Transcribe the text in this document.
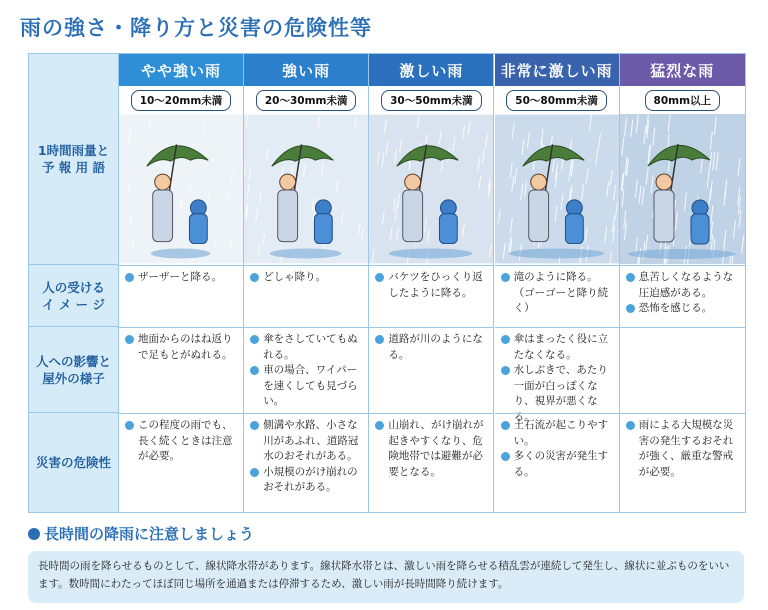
雨の強さ・降り方と災害の危険性等
1時間雨量と
予 報 用 語
人の受ける
イ メ ー ジ
人への影響と
屋外の様子
災害の危険性
やや強い雨
10〜20mm未満
ザーザーと降る。
地面からのはね返りで足もとがぬれる。
この程度の雨でも、長く続くときは注意が必要。
強い雨
20〜30mm未満
どしゃ降り。
傘をさしていてもぬれる。
車の場合、ワイパーを速くしても見づらい。
側溝や水路、小さな川があふれ、道路冠水のおそれがある。
小規模のがけ崩れのおそれがある。
激しい雨
30〜50mm未満
バケツをひっくり返したように降る。
道路が川のようになる。
山崩れ、がけ崩れが起きやすくなり、危険地帯では避難が必要となる。
非常に激しい雨
50〜80mm未満
滝のように降る。（ゴーゴーと降り続く）
傘はまったく役に立たなくなる。
水しぶきで、あたり一面が白っぽくなり、視界が悪くなる。
土石流が起こりやすい。
多くの災害が発生する。
猛烈な雨
80mm以上
息苦しくなるような圧迫感がある。
恐怖を感じる。
雨による大規模な災害の発生するおそれが強く、厳重な警戒が必要。
長時間の降雨に注意しましょう
長時間の雨を降らせるものとして、線状降水帯があります。線状降水帯とは、激しい雨を降らせる積乱雲が連続して発生し、線状に並ぶものをいいます。数時間にわたってほぼ同じ場所を通過または停滞するため、激しい雨が長時間降り続けます。
